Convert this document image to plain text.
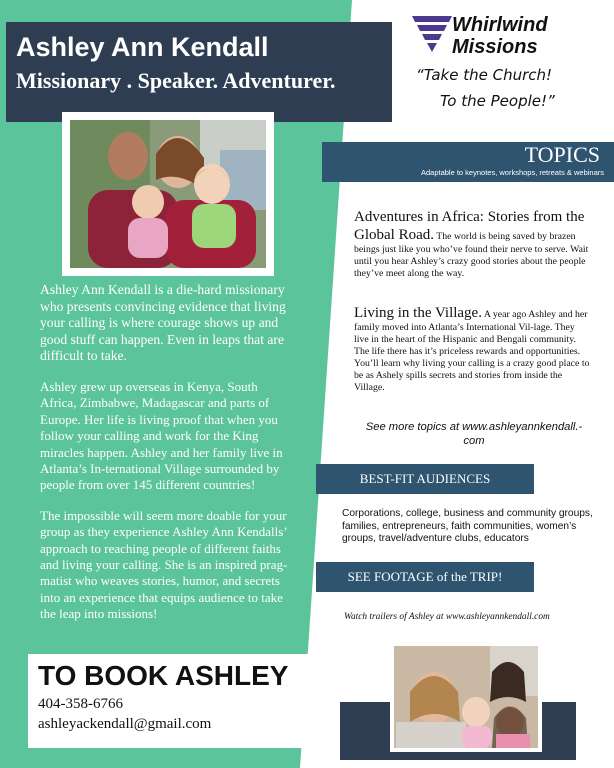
Ashley Ann Kendall
Missionary . Speaker. Adventurer.
Whirlwind
Missions
“Take the Church!
To the People!”

Ashley Ann Kendall is a die-hard missionary who presents convincing evidence that living your calling is where courage shows up and good stuff can happen. Even in leaps that are difficult to take.

Ashley grew up overseas in Kenya, South Africa, Zimbabwe, Madagascar and parts of Europe. Her life is living proof that when you follow your calling and work for the King miracles happen. Ashley and her family live in Atlanta’s In-ternational Village surrounded by people from over 145 different countries!

The impossible will seem more doable for your group as they experience Ashley Ann Kendalls’ approach to reaching people of different faiths and living your calling. She is an inspired prag-matist who weaves stories, humor, and secrets into an experience that equips audience to take the leap into missions!

TOPICS
Adaptable to keynotes, workshops, retreats & webinars
Adventures in Africa: Stories from the Global Road. The world is being saved by brazen beings just like you who’ve found their nerve to serve. Wait until you hear Ashley’s crazy good stories about the people they’ve meet along the way.
Living in the Village. A year ago Ashley and her family moved into Atlanta’s International Vil-lage. They live in the heart of the Hispanic and Bengali community. The life there has it’s priceless rewards and opportunities. You’ll learn why living your calling is a crazy good place to be as Ashely spills secrets and stories from inside the Village.
See more topics at www.ashleyannkendall.-com
BEST-FIT AUDIENCES
Corporations, college, business and community groups, families, entrepreneurs, faith communities, women’s groups, travel/adventure clubs, educators
SEE FOOTAGE of the TRIP!
Watch trailers of Ashley at www.ashleyannkendall.com
TO BOOK ASHLEY
404-358-6766
ashleyackendall@gmail.com
